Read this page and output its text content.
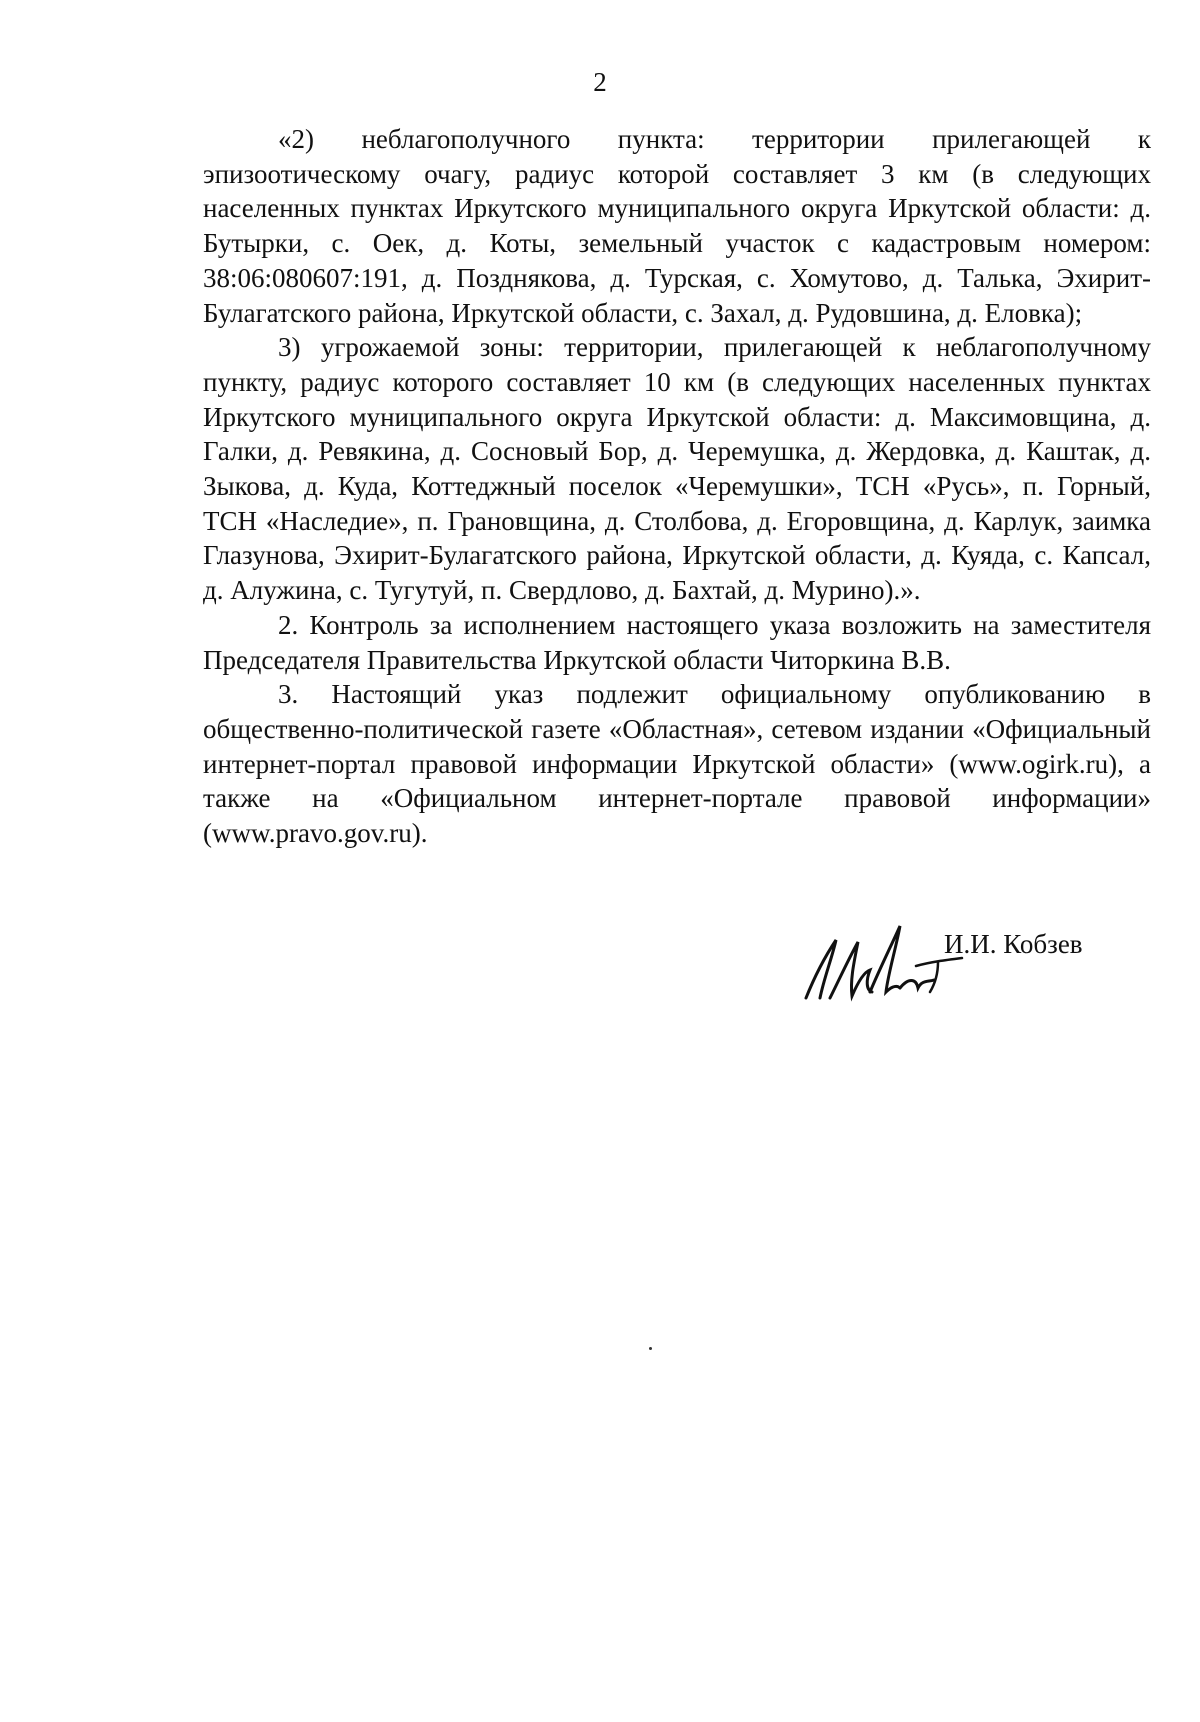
2

«2) неблагополучного пункта: территории прилегающей к эпизоотическому очагу, радиус которой составляет 3 км (в следующих населенных пунктах Иркутского муниципального округа Иркутской области: д. Бутырки, с. Оек, д. Коты, земельный участок с кадастровым номером: 38:06:080607:191, д. Позднякова, д. Турская, с. Хомутово, д. Талька, Эхирит-Булагатского района, Иркутской области, с. Захал, д. Рудовшина, д. Еловка);

3) угрожаемой зоны: территории, прилегающей к неблагополучному пункту, радиус которого составляет 10 км (в следующих населенных пунктах Иркутского муниципального округа Иркутской области: д. Максимовщина, д. Галки, д. Ревякина, д. Сосновый Бор, д. Черемушка, д. Жердовка, д. Каштак, д. Зыкова, д. Куда, Коттеджный поселок «Черемушки», ТСН «Русь», п. Горный, ТСН «Наследие», п. Грановщина, д. Столбова, д. Егоровщина, д. Карлук, заимка Глазунова, Эхирит-Булагатского района, Иркутской области, д. Куяда, с. Капсал, д. Алужина, с. Тугутуй, п. Свердлово, д. Бахтай, д. Мурино).».

2. Контроль за исполнением настоящего указа возложить на заместителя Председателя Правительства Иркутской области Читоркина В.В.

3. Настоящий указ подлежит официальному опубликованию в общественно-политической газете «Областная», сетевом издании «Официальный интернет-портал правовой информации Иркутской области» (www.ogirk.ru), а также на «Официальном интернет-портале правовой информации» (www.pravo.gov.ru).

И.И. Кобзев
